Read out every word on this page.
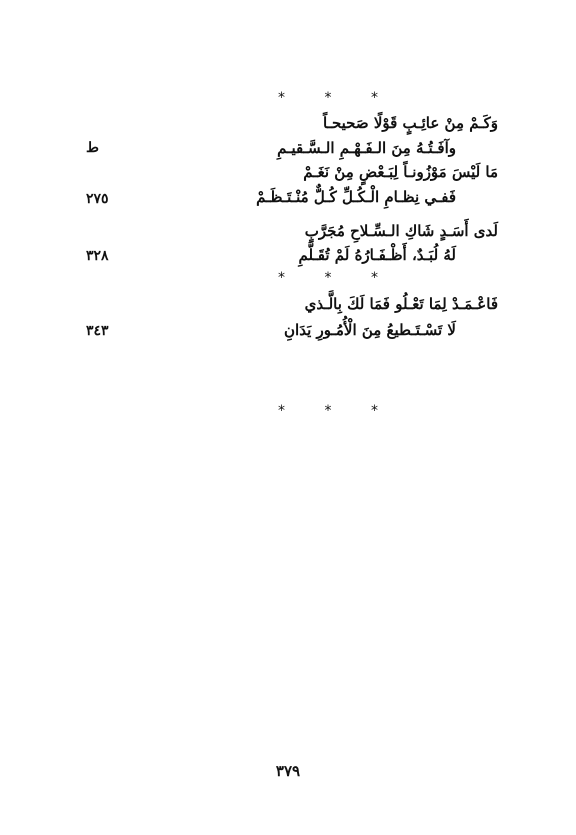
*	*	*
وَكَـمْ مِنْ عائِـبٍ قَوْلًا صَحيحـاً
وآفَـتُـهُ مِنَ الـفَـهْـمِ الـسَّـقيـمِ
ط
مَا لَيْسَ مَوْزُونـاً لِبَـعْضٍ مِنْ نَغَـمْ
فَفـي نِظـامِ الْـكُـلِّ كُـلٌّ مُنْـتَـظَـمْ
٢٧٥
لَدى أَسَـدٍ شَاكِ الـسِّـلاحِ مُجَرَّبٍ
لَهُ لُبَـدٌ، أَظْـفَـارُهُ لَمْ تُقَـلَّمِ
٣٢٨
*	*	*
فَاعْـمَـدْ لِمَا تَعْـلُو فَمَا لَكَ بِالَّـذي
لَا تَسْـتَـطيعُ مِنَ الْأُمُـورِ يَدَانِ
٣٤٣
*	*	*
٣٧٩
